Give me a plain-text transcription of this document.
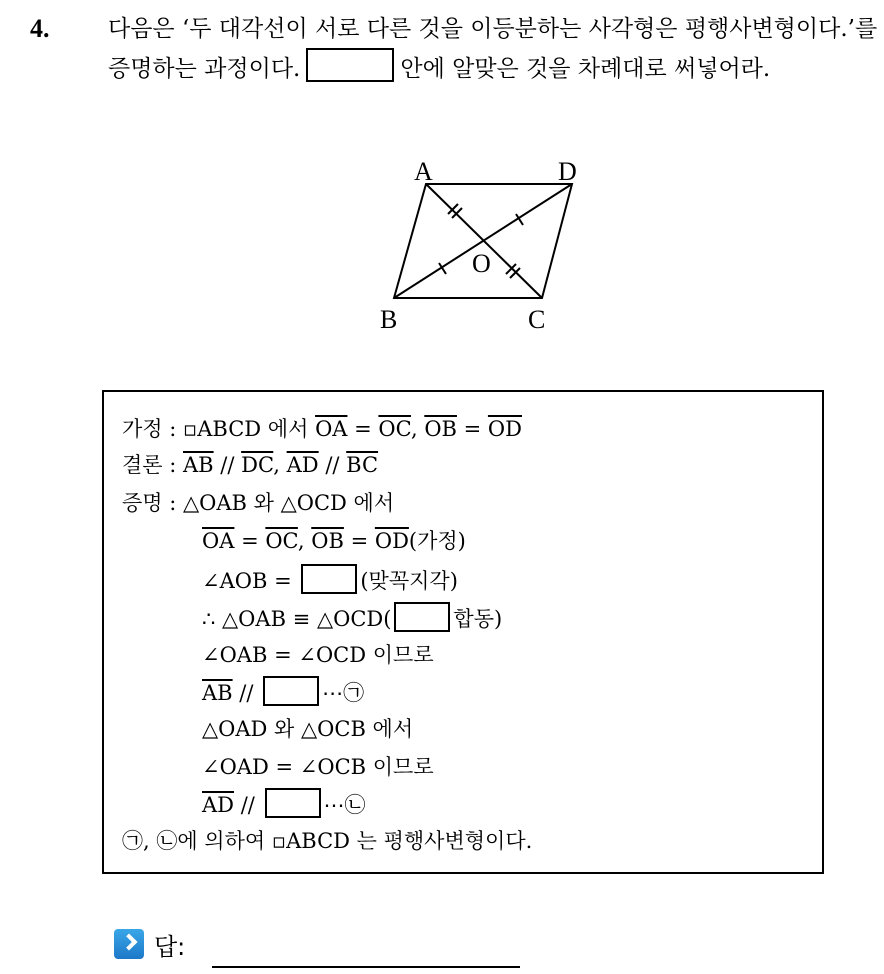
4.	다음은 ‘두 대각선이 서로 다른 것을 이등분하는 사각형은 평행사변형이다.’를 증명하는 과정이다.	안에 알맞은 것을 차례대로 써넣어라.
A	D
B	C
O
가정 : ▫ABCD 에서 $\overline{OA} = \overline{OC}$, $\overline{OB} = \overline{OD}$
결론 : $\overline{AB} // \overline{DC}$, $\overline{AD} // \overline{BC}$
증명 : △OAB 와 △OCD 에서
$\overline{OA} = \overline{OC}$, $\overline{OB} = \overline{OD}$(가정)
∠AOB =	(맞꼭지각)
∴ △OAB ≡ △OCD(	합동)
∠OAB = ∠OCD 이므로
$\overline{AB}$ //	⋯㉠
△OAD 와 △OCB 에서
∠OAD = ∠OCB 이므로
$\overline{AD}$ //	⋯㉡
㉠, ㉡에 의하여 ▫ABCD 는 평행사변형이다.
답:
